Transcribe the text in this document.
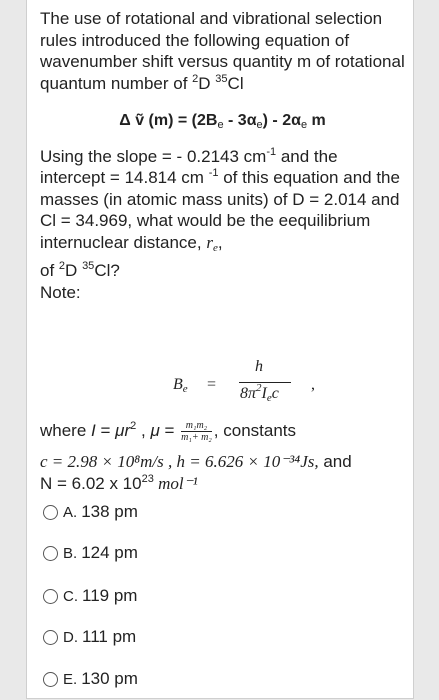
The use of rotational and vibrational selection rules introduced the following equation of wavenumber shift versus quantity m of rotational quantum number of $^2$D $^{35}$Cl

Δ ṽ $(m) = (2B_e - 3\alpha_e) - 2\alpha_e$ m

Using the slope = - 0.2143 $cm^{-1}$ and the intercept = 14.814 cm $^{-1}$ of this equation and the masses (in atomic mass units) of D = 2.014 and Cl = 34.969, what would be the eequilibrium internuclear distance, $r_e$,

of $^2$D $^{35}$Cl?

Note:

$B_e$ =
h
$8\pi^2I_ec$
,
where $I = \mu r^2$ , $\mu = \frac{\text{m₁m₂}}{\text{m₁+ m₂}}$ , constants
c = 2.98 × 10⁸m/s , h = 6.626 × 10⁻³⁴Js, and
N = 6.02 x $10^{23}$ mol⁻¹
A. 138 pm
B. 124 pm
C. 119 pm
D. 111 pm
E. 130 pm
